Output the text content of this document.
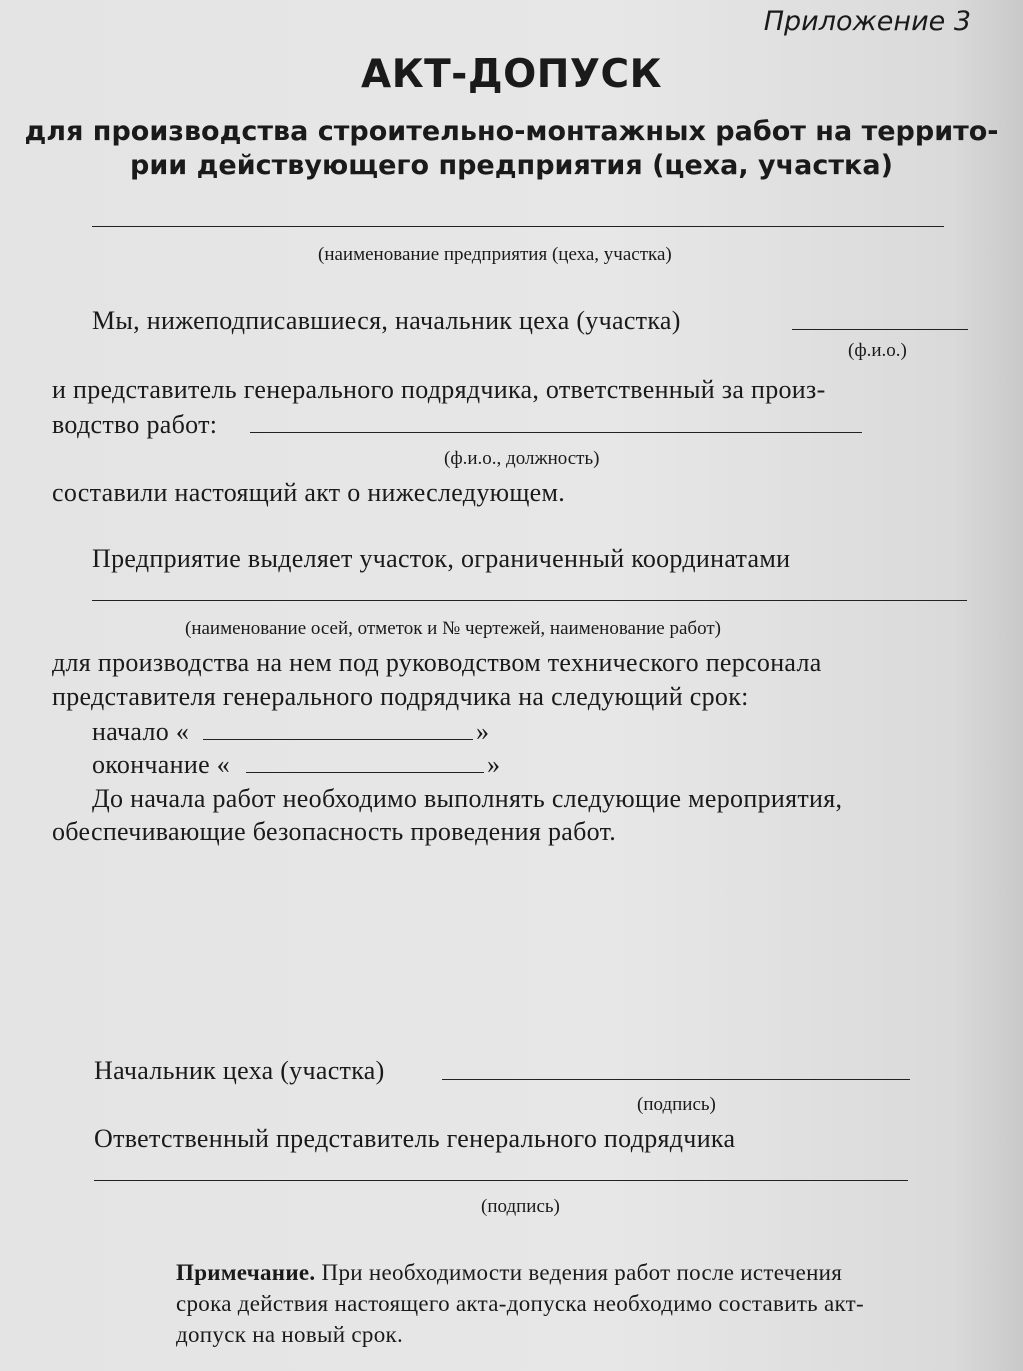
Приложение 3
АКТ-ДОПУСК
для производства строительно-монтажных работ на террито-
рии действующего предприятия (цеха, участка)
(наименование предприятия (цеха, участка)
Мы, нижеподписавшиеся, начальник цеха (участка)
(ф.и.о.)
и представитель генерального подрядчика, ответственный за произ-
водство работ:
(ф.и.о., должность)
составили настоящий акт о нижеследующем.
Предприятие выделяет участок, ограниченный координатами
(наименование осей, отметок и № чертежей, наименование работ)
для производства на нем под руководством технического персонала
представителя генерального подрядчика на следующий срок:
начало «	»
окончание «	»
До начала работ необходимо выполнять следующие мероприятия,
обеспечивающие безопасность проведения работ.
Начальник цеха (участка)
(подпись)
Ответственный представитель генерального подрядчика
(подпись)
Примечание. При необходимости ведения работ после истечения
срока действия настоящего акта-допуска необходимо составить акт-
допуск на новый срок.
